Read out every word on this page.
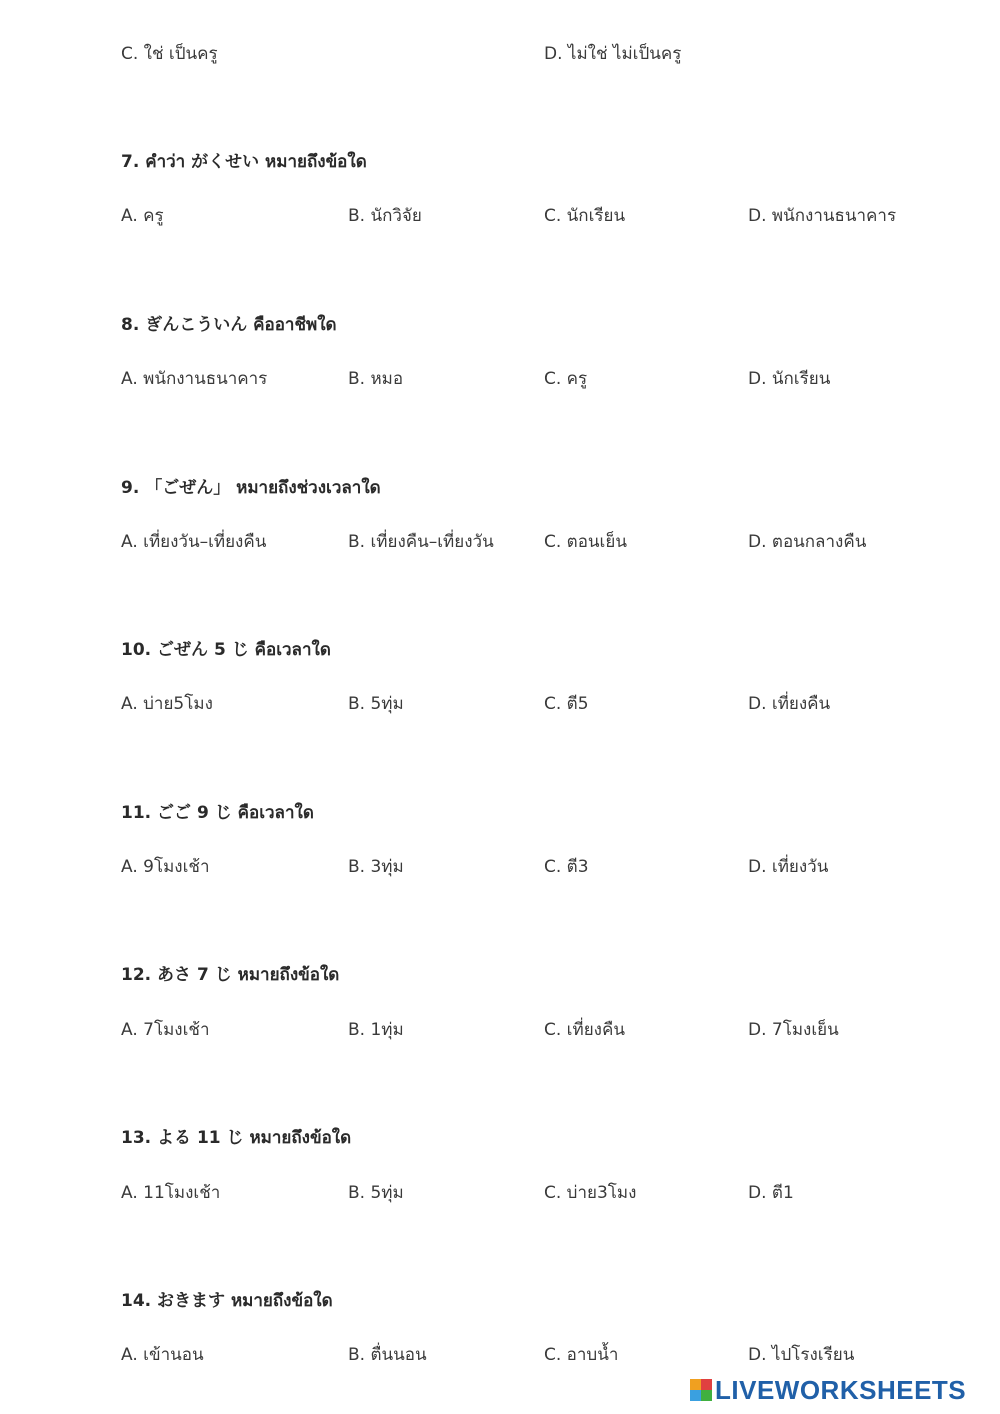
C. ใช่ เป็นครู	D. ไม่ใช่ ไม่เป็นครู
7. คำว่า がくせい หมายถึงข้อใด
A. ครู	B. นักวิจัย	C. นักเรียน	D. พนักงานธนาคาร
8. ぎんこういん คืออาชีพใด
A. พนักงานธนาคาร	B. หมอ	C. ครู	D. นักเรียน
9. 「ごぜん」 หมายถึงช่วงเวลาใด
A. เที่ยงวัน–เที่ยงคืน	B. เที่ยงคืน–เที่ยงวัน	C. ตอนเย็น	D. ตอนกลางคืน
10. ごぜん 5 じ คือเวลาใด
A. บ่าย5โมง	B. 5ทุ่ม	C. ตี5	D. เที่ยงคืน
11. ごご 9 じ คือเวลาใด
A. 9โมงเช้า	B. 3ทุ่ม	C. ตี3	D. เที่ยงวัน
12. あさ 7 じ หมายถึงข้อใด
A. 7โมงเช้า	B. 1ทุ่ม	C. เที่ยงคืน	D. 7โมงเย็น
13. よる 11 じ หมายถึงข้อใด
A. 11โมงเช้า	B. 5ทุ่ม	C. บ่าย3โมง	D. ตี1
14. おきます หมายถึงข้อใด
A. เข้านอน	B. ตื่นนอน	C. อาบน้ำ	D. ไปโรงเรียน
LIVEWORKSHEETS
